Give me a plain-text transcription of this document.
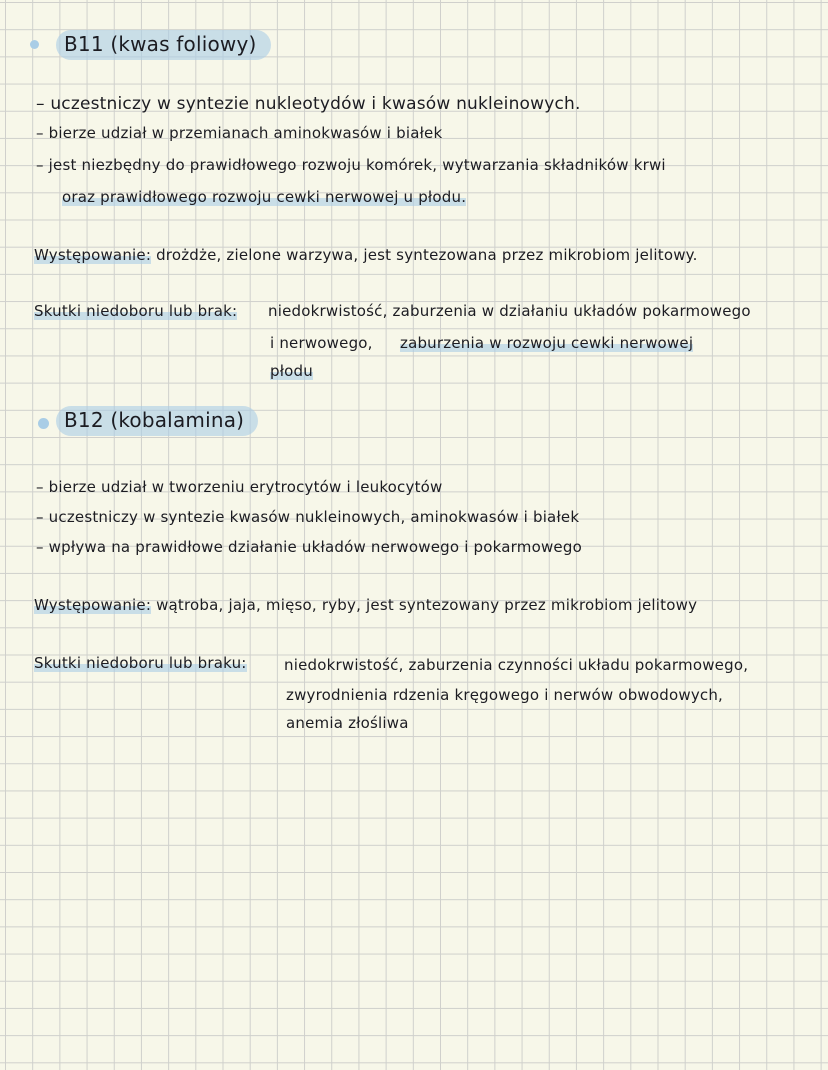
B11 (kwas foliowy)
– uczestniczy w syntezie nukleotydów i kwasów nukleinowych.
– bierze udział w przemianach aminokwasów i białek
– jest niezbędny do prawidłowego rozwoju komórek, wytwarzania składników krwi
oraz prawidłowego rozwoju cewki nerwowej u płodu.
Występowanie: drożdże, zielone warzywa, jest syntezowana przez mikrobiom jelitowy.
Skutki niedoboru lub brak: niedokrwistość, zaburzenia w działaniu układów pokarmowego
i nerwowego, zaburzenia w rozwoju cewki nerwowej
płodu
B12 (kobalamina)
– bierze udział w tworzeniu erytrocytów i leukocytów
– uczestniczy w syntezie kwasów nukleinowych, aminokwasów i białek
– wpływa na prawidłowe działanie układów nerwowego i pokarmowego
Występowanie: wątroba, jaja, mięso, ryby, jest syntezowany przez mikrobiom jelitowy
Skutki niedoboru lub braku: niedokrwistość, zaburzenia czynności układu pokarmowego,
zwyrodnienia rdzenia kręgowego i nerwów obwodowych,
anemia złośliwa
